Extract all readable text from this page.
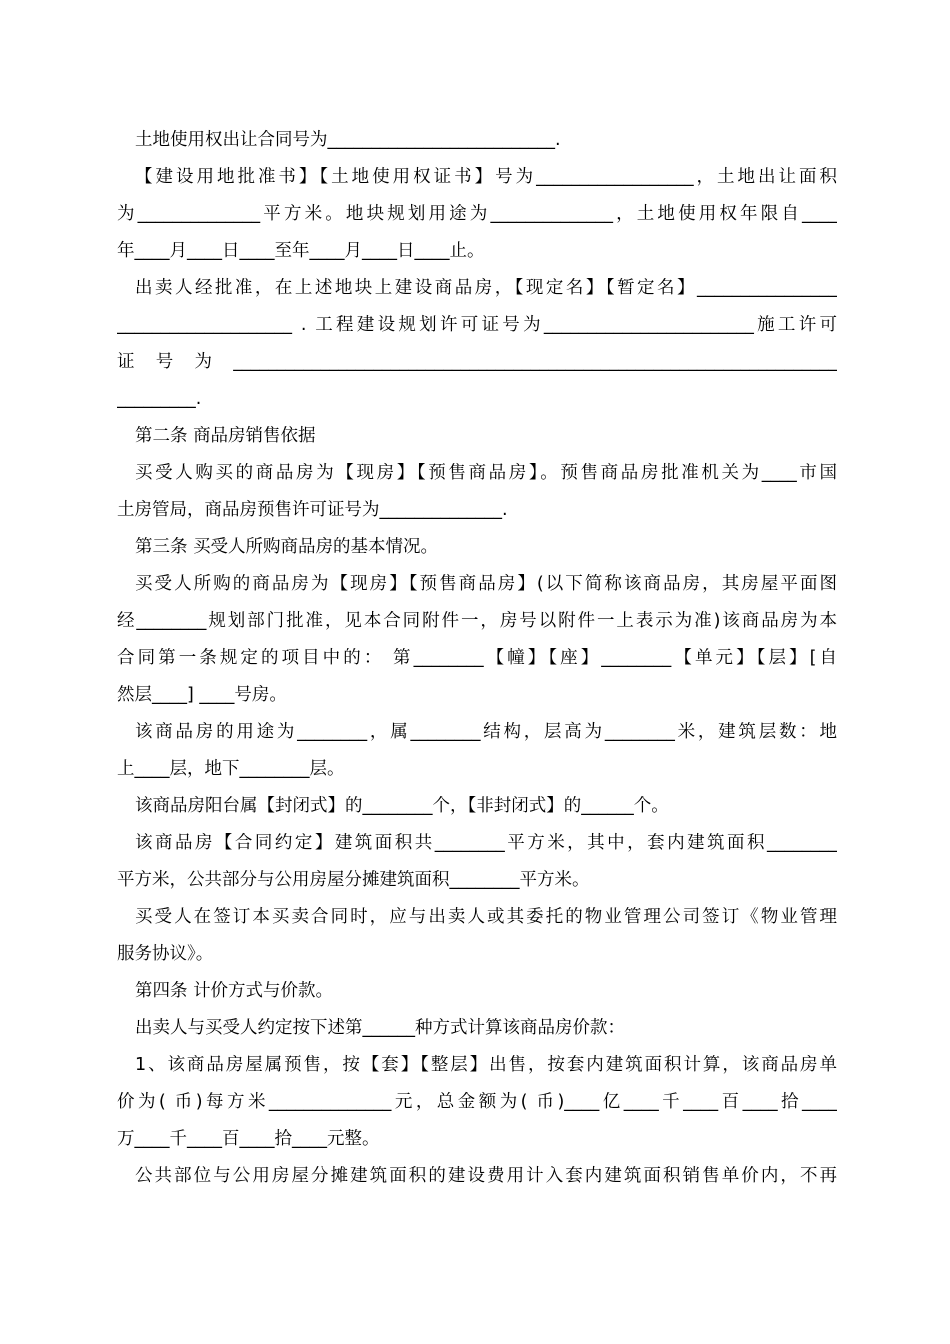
土地使用权出让合同号为__________________________.
【建设用地批准书】【土地使用权证书】号为__________________，土地出让面积
为______________平方米。地块规划用途为______________，土地使用权年限自____
年____月____日____至年____月____日____止。
出卖人经批准，在上述地块上建设商品房，【现定名】【暂定名】________________
____________________ . 工程建设规划许可证号为________________________施工许可
证号为_____________________________________________________________________
_________.
第二条 商品房销售依据
买受人购买的商品房为【现房】【预售商品房】。预售商品房批准机关为____市国
土房管局，商品房预售许可证号为______________.
第三条 买受人所购商品房的基本情况。
买受人所购的商品房为【现房】【预售商品房】(以下简称该商品房，其房屋平面图
经________规划部门批准，见本合同附件一，房号以附件一上表示为准)该商品房为本
合同第一条规定的项目中的： 第________【幢】【座】________【单元】【层】[自
然层____] ____号房。
该商品房的用途为________，属________结构，层高为________米，建筑层数：地
上____层，地下________层。
该商品房阳台属【封闭式】的________个，【非封闭式】的______个。
该商品房【合同约定】建筑面积共________平方米，其中，套内建筑面积________
平方米，公共部分与公用房屋分摊建筑面积________平方米。
买受人在签订本买卖合同时，应与出卖人或其委托的物业管理公司签订《物业管理
服务协议》。
第四条 计价方式与价款。
出卖人与买受人约定按下述第______种方式计算该商品房价款：
1、该商品房屋属预售，按【套】【整层】出售，按套内建筑面积计算，该商品房单
价为( 币)每方米______________元，总金额为( 币)____亿____千____百____拾____
万____千____百____拾____元整。
公共部位与公用房屋分摊建筑面积的建设费用计入套内建筑面积销售单价内，不再
